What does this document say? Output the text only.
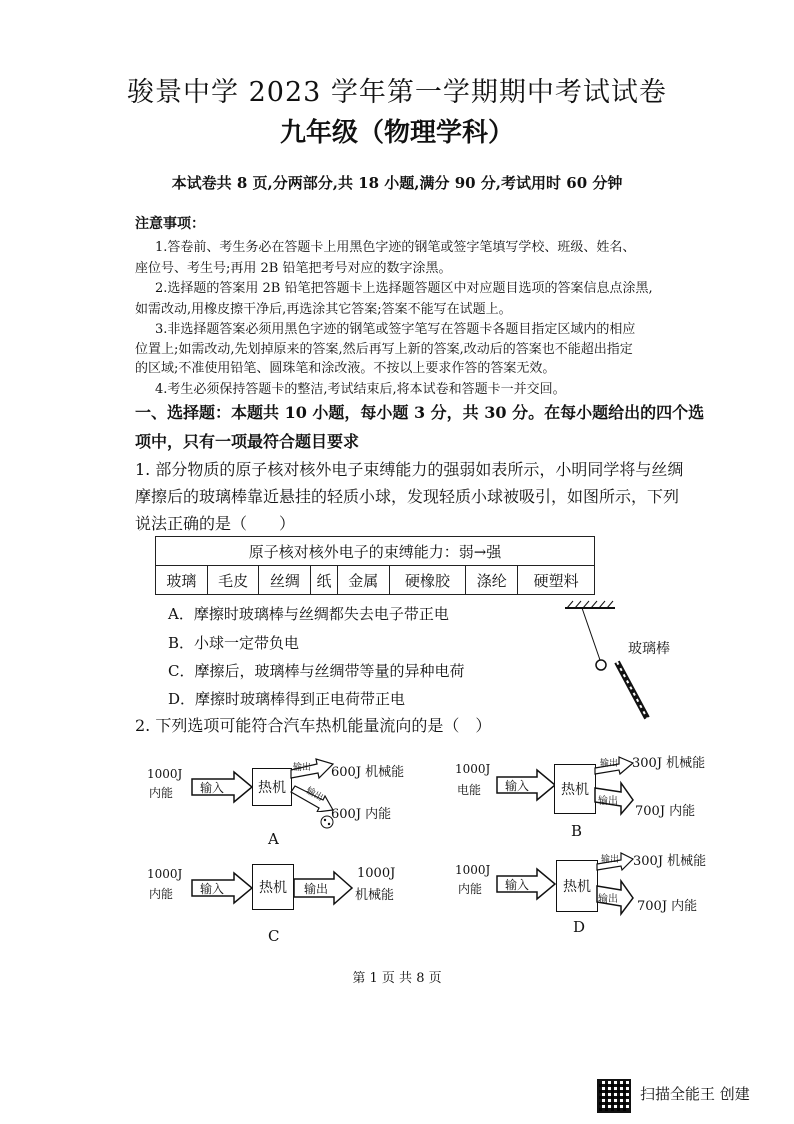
骏景中学 2023 学年第一学期期中考试试卷
九年级（物理学科）
本试卷共 8 页,分两部分,共 18 小题,满分 90 分,考试用时 60 分钟
注意事项：
1.答卷前、考生务必在答题卡上用黑色字迹的钢笔或签字笔填写学校、班级、姓名、
座位号、考生号;再用 2B 铅笔把考号对应的数字涂黑。
2.选择题的答案用 2B 铅笔把答题卡上选择题答题区中对应题目选项的答案信息点涂黑,
如需改动,用橡皮擦干净后,再选涂其它答案;答案不能写在试题上。
3.非选择题答案必须用黑色字迹的钢笔或签字笔写在答题卡各题目指定区域内的相应
位置上;如需改动,先划掉原来的答案,然后再写上新的答案,改动后的答案也不能超出指定
的区域;不准使用铅笔、圆珠笔和涂改液。不按以上要求作答的答案无效。
4.考生必须保持答题卡的整洁,考试结束后,将本试卷和答题卡一并交回。
一、选择题：本题共 10 小题，每小题 3 分，共 30 分。在每小题给出的四个选
项中，只有一项最符合题目要求
1. 部分物质的原子核对核外电子束缚能力的强弱如表所示，小明同学将与丝绸
摩擦后的玻璃棒靠近悬挂的轻质小球，发现轻质小球被吸引，如图所示，下列
说法正确的是（　　）
原子核对核外电子的束缚能力：弱→强
玻璃	毛皮	丝绸	纸	金属	硬橡胶	涤纶	硬塑料
A．摩擦时玻璃棒与丝绸都失去电子带正电
B．小球一定带负电
C．摩擦后，玻璃棒与丝绸带等量的异种电荷
D．摩擦时玻璃棒得到正电荷带正电
玻璃棒
2. 下列选项可能符合汽车热机能量流向的是（　）
1000J
内能 输入	热机
输出
输出
600J 机械能
600J 内能
A
1000J
电能 输入	热机
输出
输出
300J 机械能
700J 内能
B
1000J
内能 输入	热机	输出
1000J
机械能
C
1000J
内能 输入	热机
输出
输出
300J 机械能
700J 内能
D
第 1 页 共 8 页
扫描全能王 创建
